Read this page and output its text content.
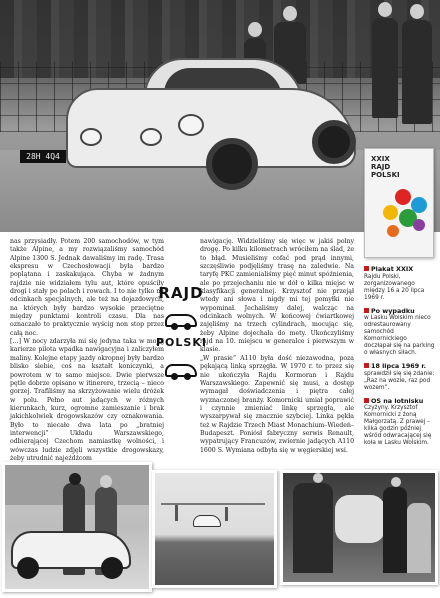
28H 4Q4	XXIX
RAJD
POLSKI

nas przysiadły. Potem 200 samochodów, w tym także Alpine, a my rozwiązaliśmy samochód Alpine 1300 S. Jednak dawaliśmy im radę. Trasa ekspresu w Czechosłowacji była bardzo poplątana i zaskakująca. Chyba w żadnym rajdzie nie widziałem tylu aut, które opuściły drogi i stały po polach i rowach. I to nie tylko na odcinkach specjalnych, ale też na dojazdowych, na których były bardzo wysokie przeciętne między punktami kontroli czasu. Dla nas oznaczało to praktycznie wyścig non stop przez całą noc.

[…] W nocy zdarzyła mi się jedyna taka w mojej karierze pilota wpadka nawigacyjna i zaliczyłem maliny. Kolejne etapy jazdy okropnej były bardzo blisko siebie, coś na kształt koniczynki, a powrotem w to samo miejsce. Dwie pierwsze pętle dobrze opisano w itinerere, trzecią – nieco gorzej. Trafiliśmy na skrzyżowanie wielu dróżek w polu. Pełno aut jadących w różnych kierunkach, kurz, ogromne zamieszanie i brak jakichkolwiek drogowskazów czy oznakowania. Było to niecałe dwa lata po „bratniej interwencji” Układu Warszawskiego, odbierającej Czechom namiastkę wolności, i wówczas ludzie zdjęli wszystkie drogowskazy, żeby utrudnić najeźdźcom

RAJD
POLSKI

nawigację. Widzieliśmy się więc w jakiś polny drogę. Po kilku kilometrach wróciłem na ślad, że to błąd. Musieliśmy cofać pod prąd innymi, szczęśliwie podjęliśmy trasę na zaledwie. Na taryfę PKC zamienialiśmy pięć minut spóźnienia, ale po przejechaniu nie w dół o kilka miejsc w klasyfikacji generalnej. Krzysztof nie przejął wtedy ani słowa i nigdy mi tej pomyłki nie wypominał. Jechaliśmy dalej, walcząc na odcinkach wolnych. W końcowej ćwiartkowej zajęliśmy na trzech cylindrach, mocując się, żeby Alpine dojechała do mety. Ukończyliśmy rajd na 10. miejscu w generalce i pierwszym w klasie.

„W prasie” A110 była dość niezawodna, poza pękającą linką sprzęgła. W 1970 r. to przez się nie ukończyła Rajdu Kormoran i Rajdu Warszawskiego. Zapewnić się musi, a dostęp wymagał doświadczenia i piętra całej wyznaczonej branży. Komornicki umiał poprawić i czynnie zmieniać linkę sprzęgła, ale wyszarpywał się znacznie szybciej. Linka pękła też w Rajdzie Trzech Miast Monachium–Wiedeń–Budapeszt. Poniósł fabryczny serwis Renault, wypatrujący Francuzów, zwiernie jadących A110 1600 S. Wymiana odbyła się w węgierskiej wsi.

Plakat XXIX
Rajdu Polski, zorganizowanego między 16 a 20 lipca 1969 r.
Po wypadku
w Lasku Wolskim nieco odrestaurowany samochód Komornickiego doczłapał się na parking o własnych siłach.
18 lipca 1969 r.
sprawdził się się zdanie: „Raz na wozie, raz pod wozem”.
OS na lotnisku
Czyżyny. Krzysztof Komornicki z żoną Małgorzatą. Z prawej – kilka godzin później wśród odwracającej się koła w Lasku Wolskim.
